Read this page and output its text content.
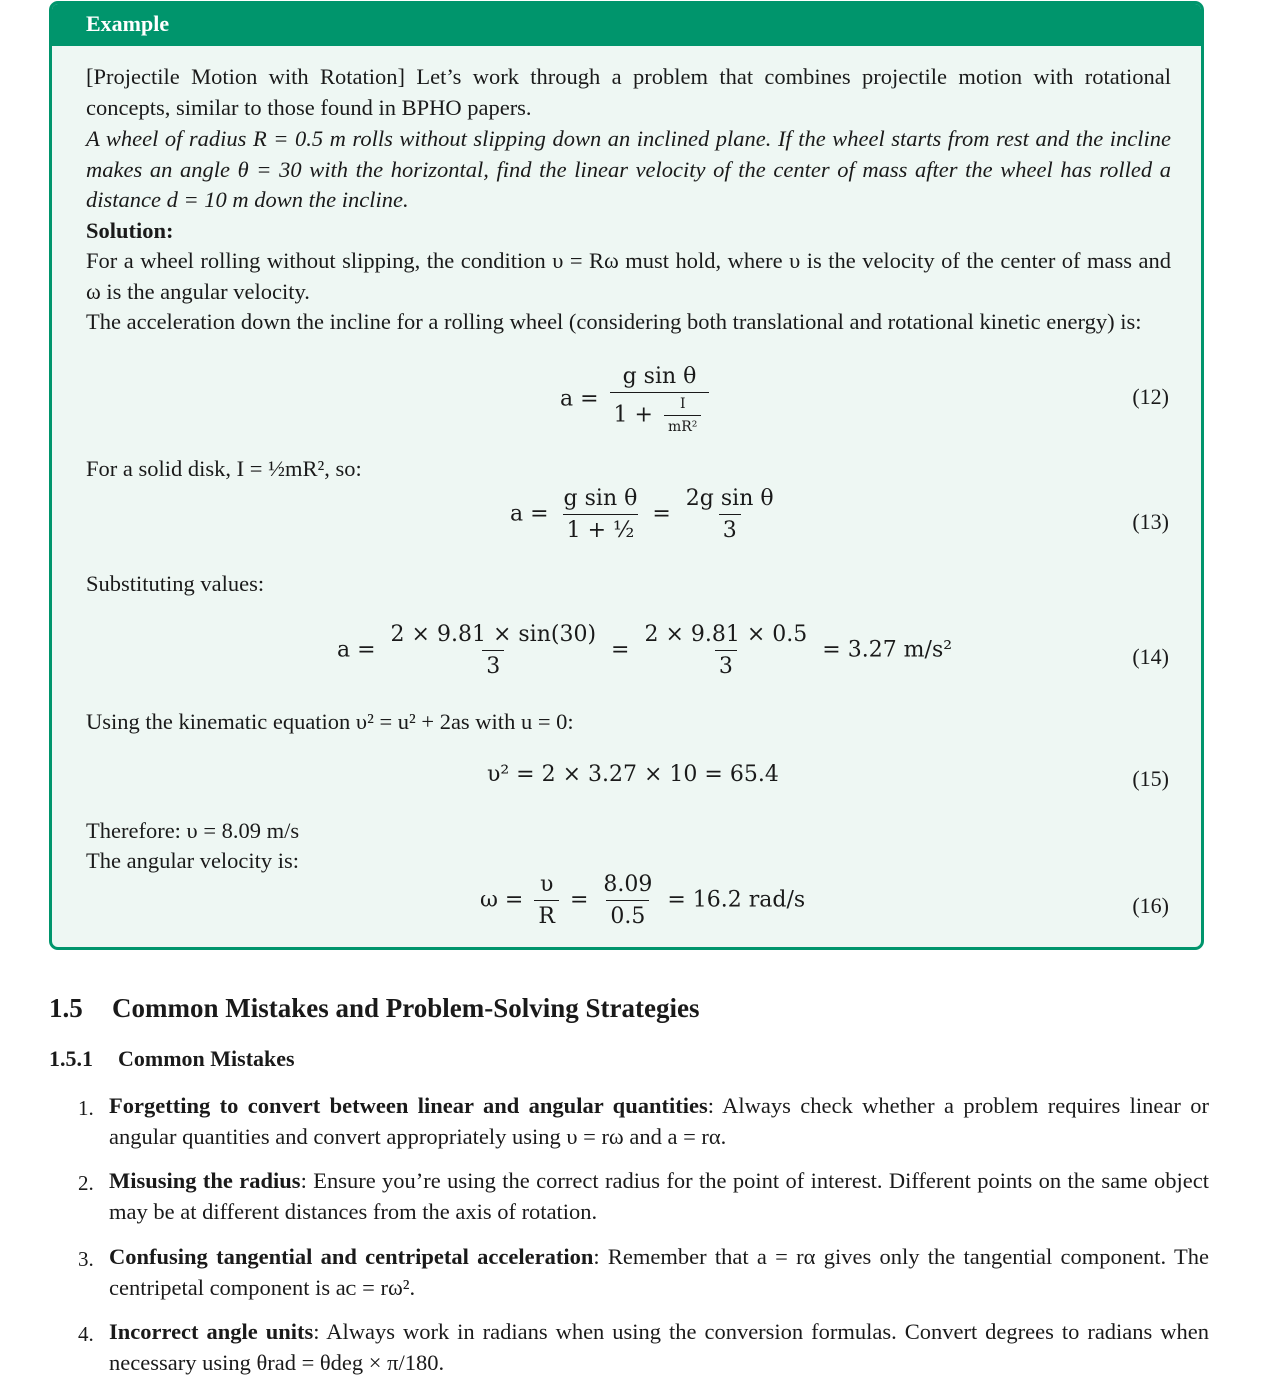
Example

[Projectile Motion with Rotation] Let’s work through a problem that combines projectile motion with rotational concepts, similar to those found in BPHO papers.

A wheel of radius R = 0.5 m rolls without slipping down an inclined plane. If the wheel starts from rest and the incline makes an angle θ = 30 with the horizontal, find the linear velocity of the center of mass after the wheel has rolled a distance d = 10 m down the incline.

Solution:

For a wheel rolling without slipping, the condition υ = Rω must hold, where υ is the velocity of the center of mass and ω is the angular velocity.

The acceleration down the incline for a rolling wheel (considering both translational and rotational kinetic energy) is:

$a = \frac{\text{g sin θ}}{1 + \frac{I}{\text{mR²}}}$	(12)

For a solid disk, I = ½mR², so:

$a = \frac{\text{g sin θ}}{\text{1 + ½}} = \frac{\text{2g sin θ}}{3}$	(13)

Substituting values:

$a = \frac{2 \times 9.81 \times \sin(30)}{3} = \frac{2 \times 9.81 \times 0.5}{3} = 3.27$ m/s²	(14)

Using the kinematic equation υ² = u² + 2as with u = 0:

υ² = 2 × 3.27 × 10 = 65.4	(15)

Therefore: υ = 8.09 m/s

The angular velocity is:

$\omega = \frac{\upsilon}{R} = \frac{8.09}{0.5} = 16.2$ rad/s	(16)
1.5 Common Mistakes and Problem-Solving Strategies
1.5.1 Common Mistakes
1. Forgetting to convert between linear and angular quantities: Always check whether a problem requires linear or angular quantities and convert appropriately using υ = rω and a = rα.
2. Misusing the radius: Ensure you’re using the correct radius for the point of interest. Different points on the same object may be at different distances from the axis of rotation.
3. Confusing tangential and centripetal acceleration: Remember that a = rα gives only the tangential component. The centripetal component is aᴄ = rω².
4. Incorrect angle units: Always work in radians when using the conversion formulas. Convert degrees to radians when necessary using θrad = θdeg × π/180.
